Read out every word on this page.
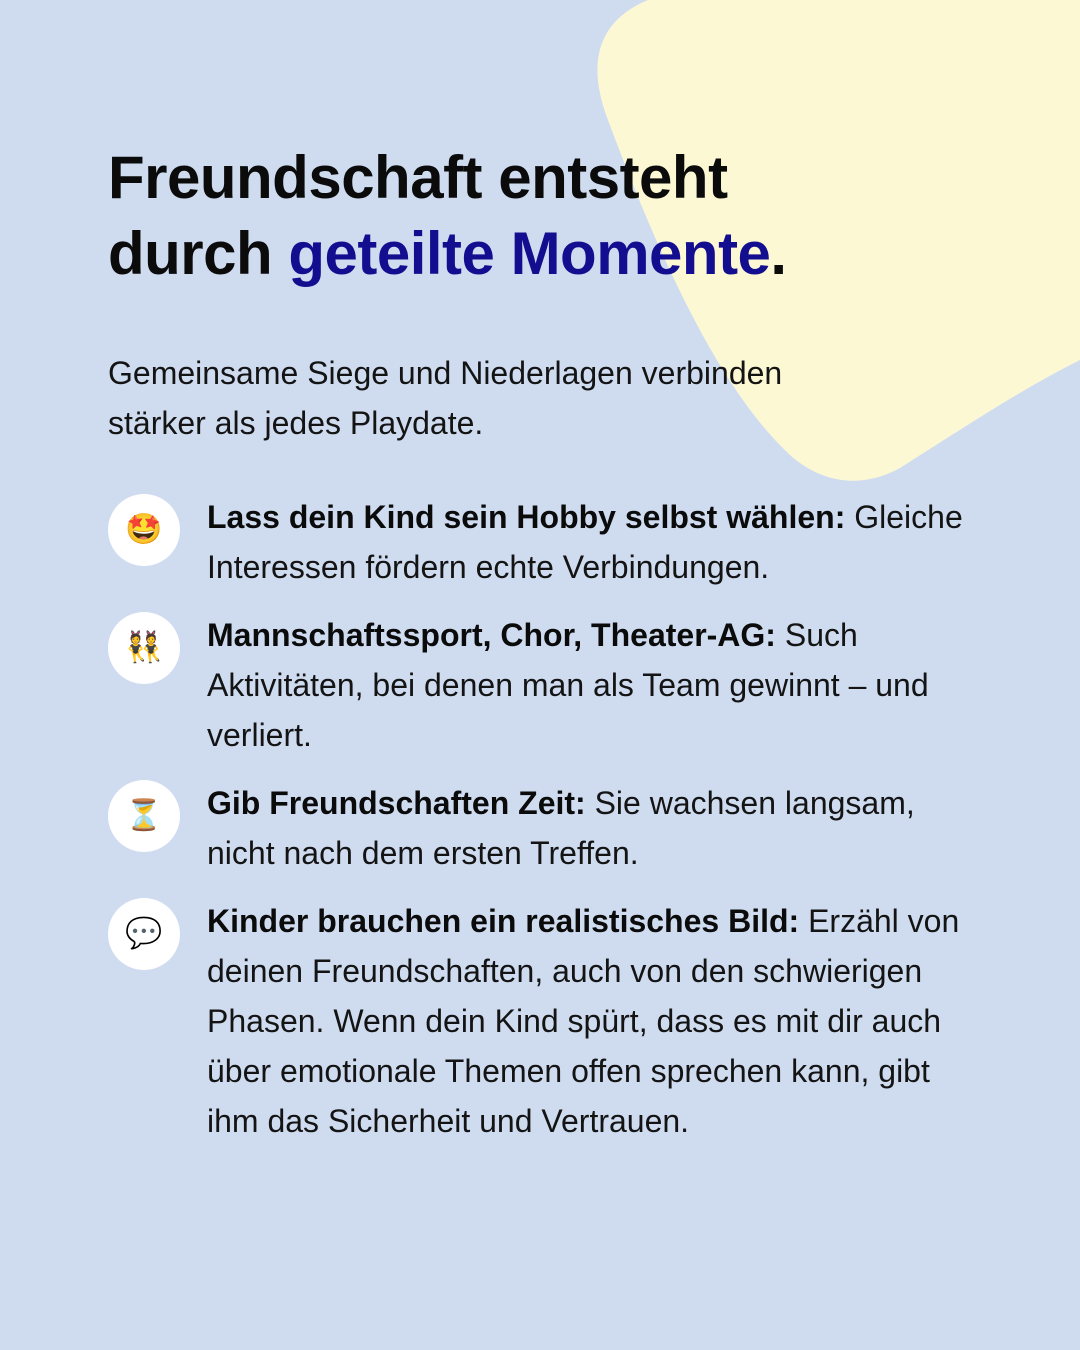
Freundschaft entsteht
durch geteilte Momente.

Gemeinsame Siege und Niederlagen verbinden stärker als jedes Playdate.

🤩	Lass dein Kind sein Hobby selbst wählen: Gleiche Interessen fördern echte Verbindungen.
👯	Mannschaftssport, Chor, Theater-AG: Such Aktivitäten, bei denen man als Team gewinnt – und verliert.
⏳	Gib Freundschaften Zeit: Sie wachsen langsam, nicht nach dem ersten Treffen.
💬	Kinder brauchen ein realistisches Bild: Erzähl von deinen Freundschaften, auch von den schwierigen Phasen. Wenn dein Kind spürt, dass es mit dir auch über emotionale Themen offen sprechen kann, gibt ihm das Sicherheit und Vertrauen.
